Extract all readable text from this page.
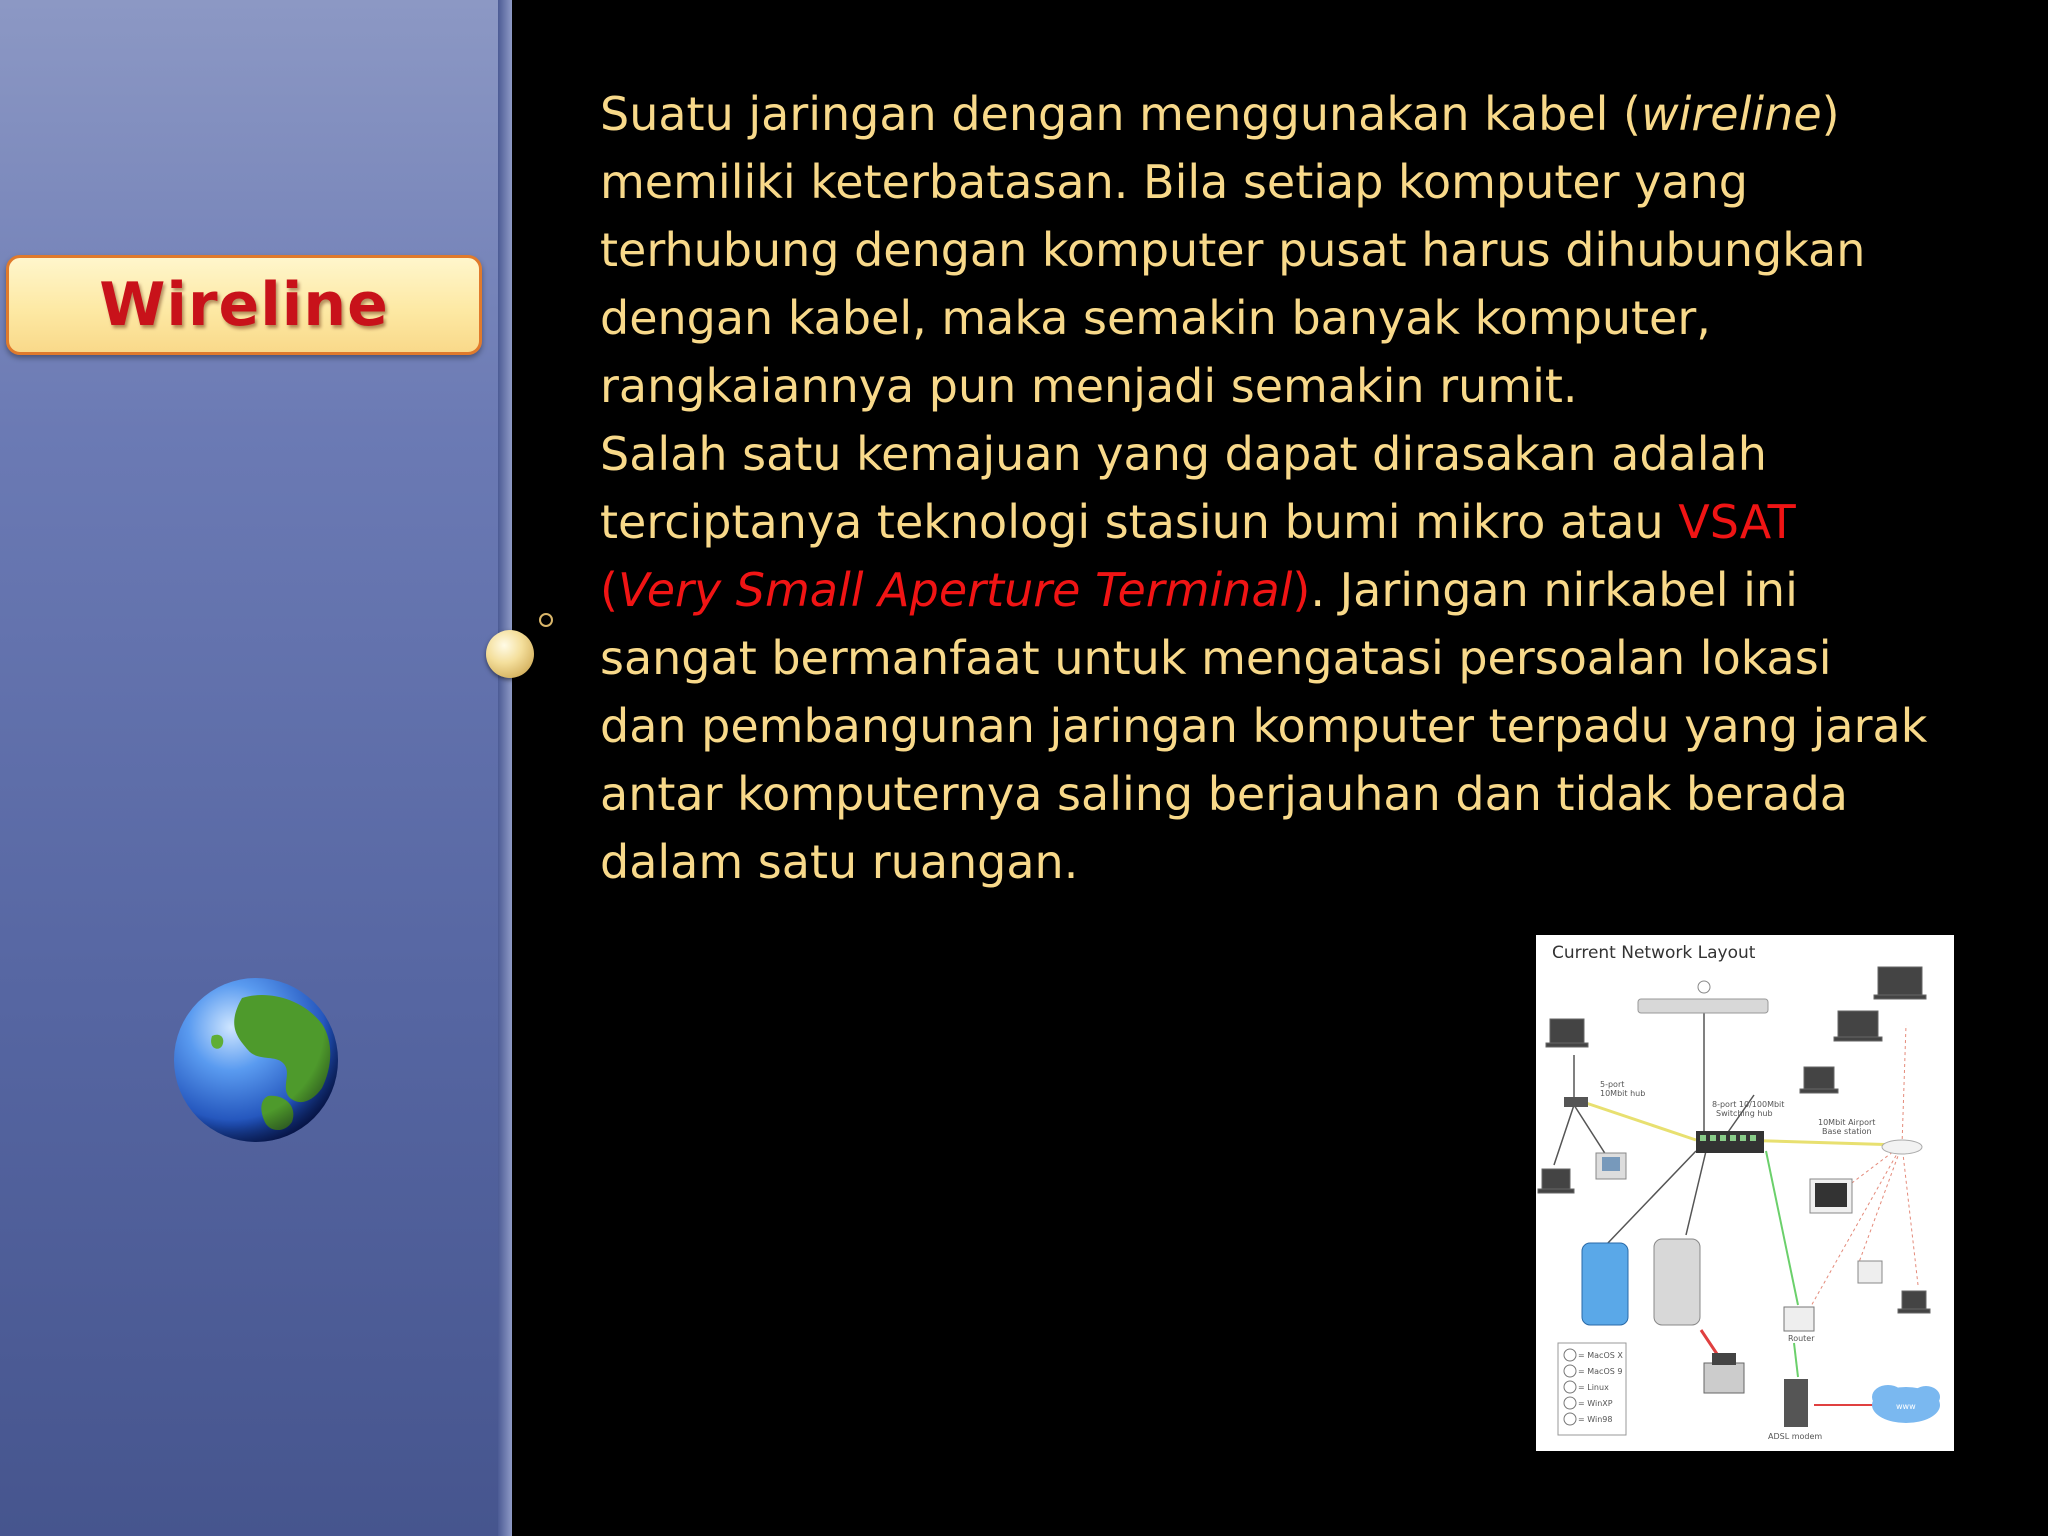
Wireline

Suatu jaringan dengan menggunakan kabel (wireline) memiliki keterbatasan. Bila setiap komputer yang terhubung dengan komputer pusat harus dihubungkan dengan kabel, maka semakin banyak komputer, rangkaiannya pun menjadi semakin rumit.

Salah satu kemajuan yang dapat dirasakan adalah terciptanya teknologi stasiun bumi mikro atau VSAT (Very Small Aperture Terminal). Jaringan nirkabel ini sangat bermanfaat untuk mengatasi persoalan lokasi dan pembangunan jaringan komputer terpadu yang jarak antar komputernya saling berjauhan dan tidak berada dalam satu ruangan.

5-port
10Mbit hub
8-port 10/100Mbit
Switching hub
10Mbit Airport
Base station
Router
ADSL modem
www
= MacOS X
= MacOS 9
= Linux
= WinXP
= Win98
Current Network Layout
